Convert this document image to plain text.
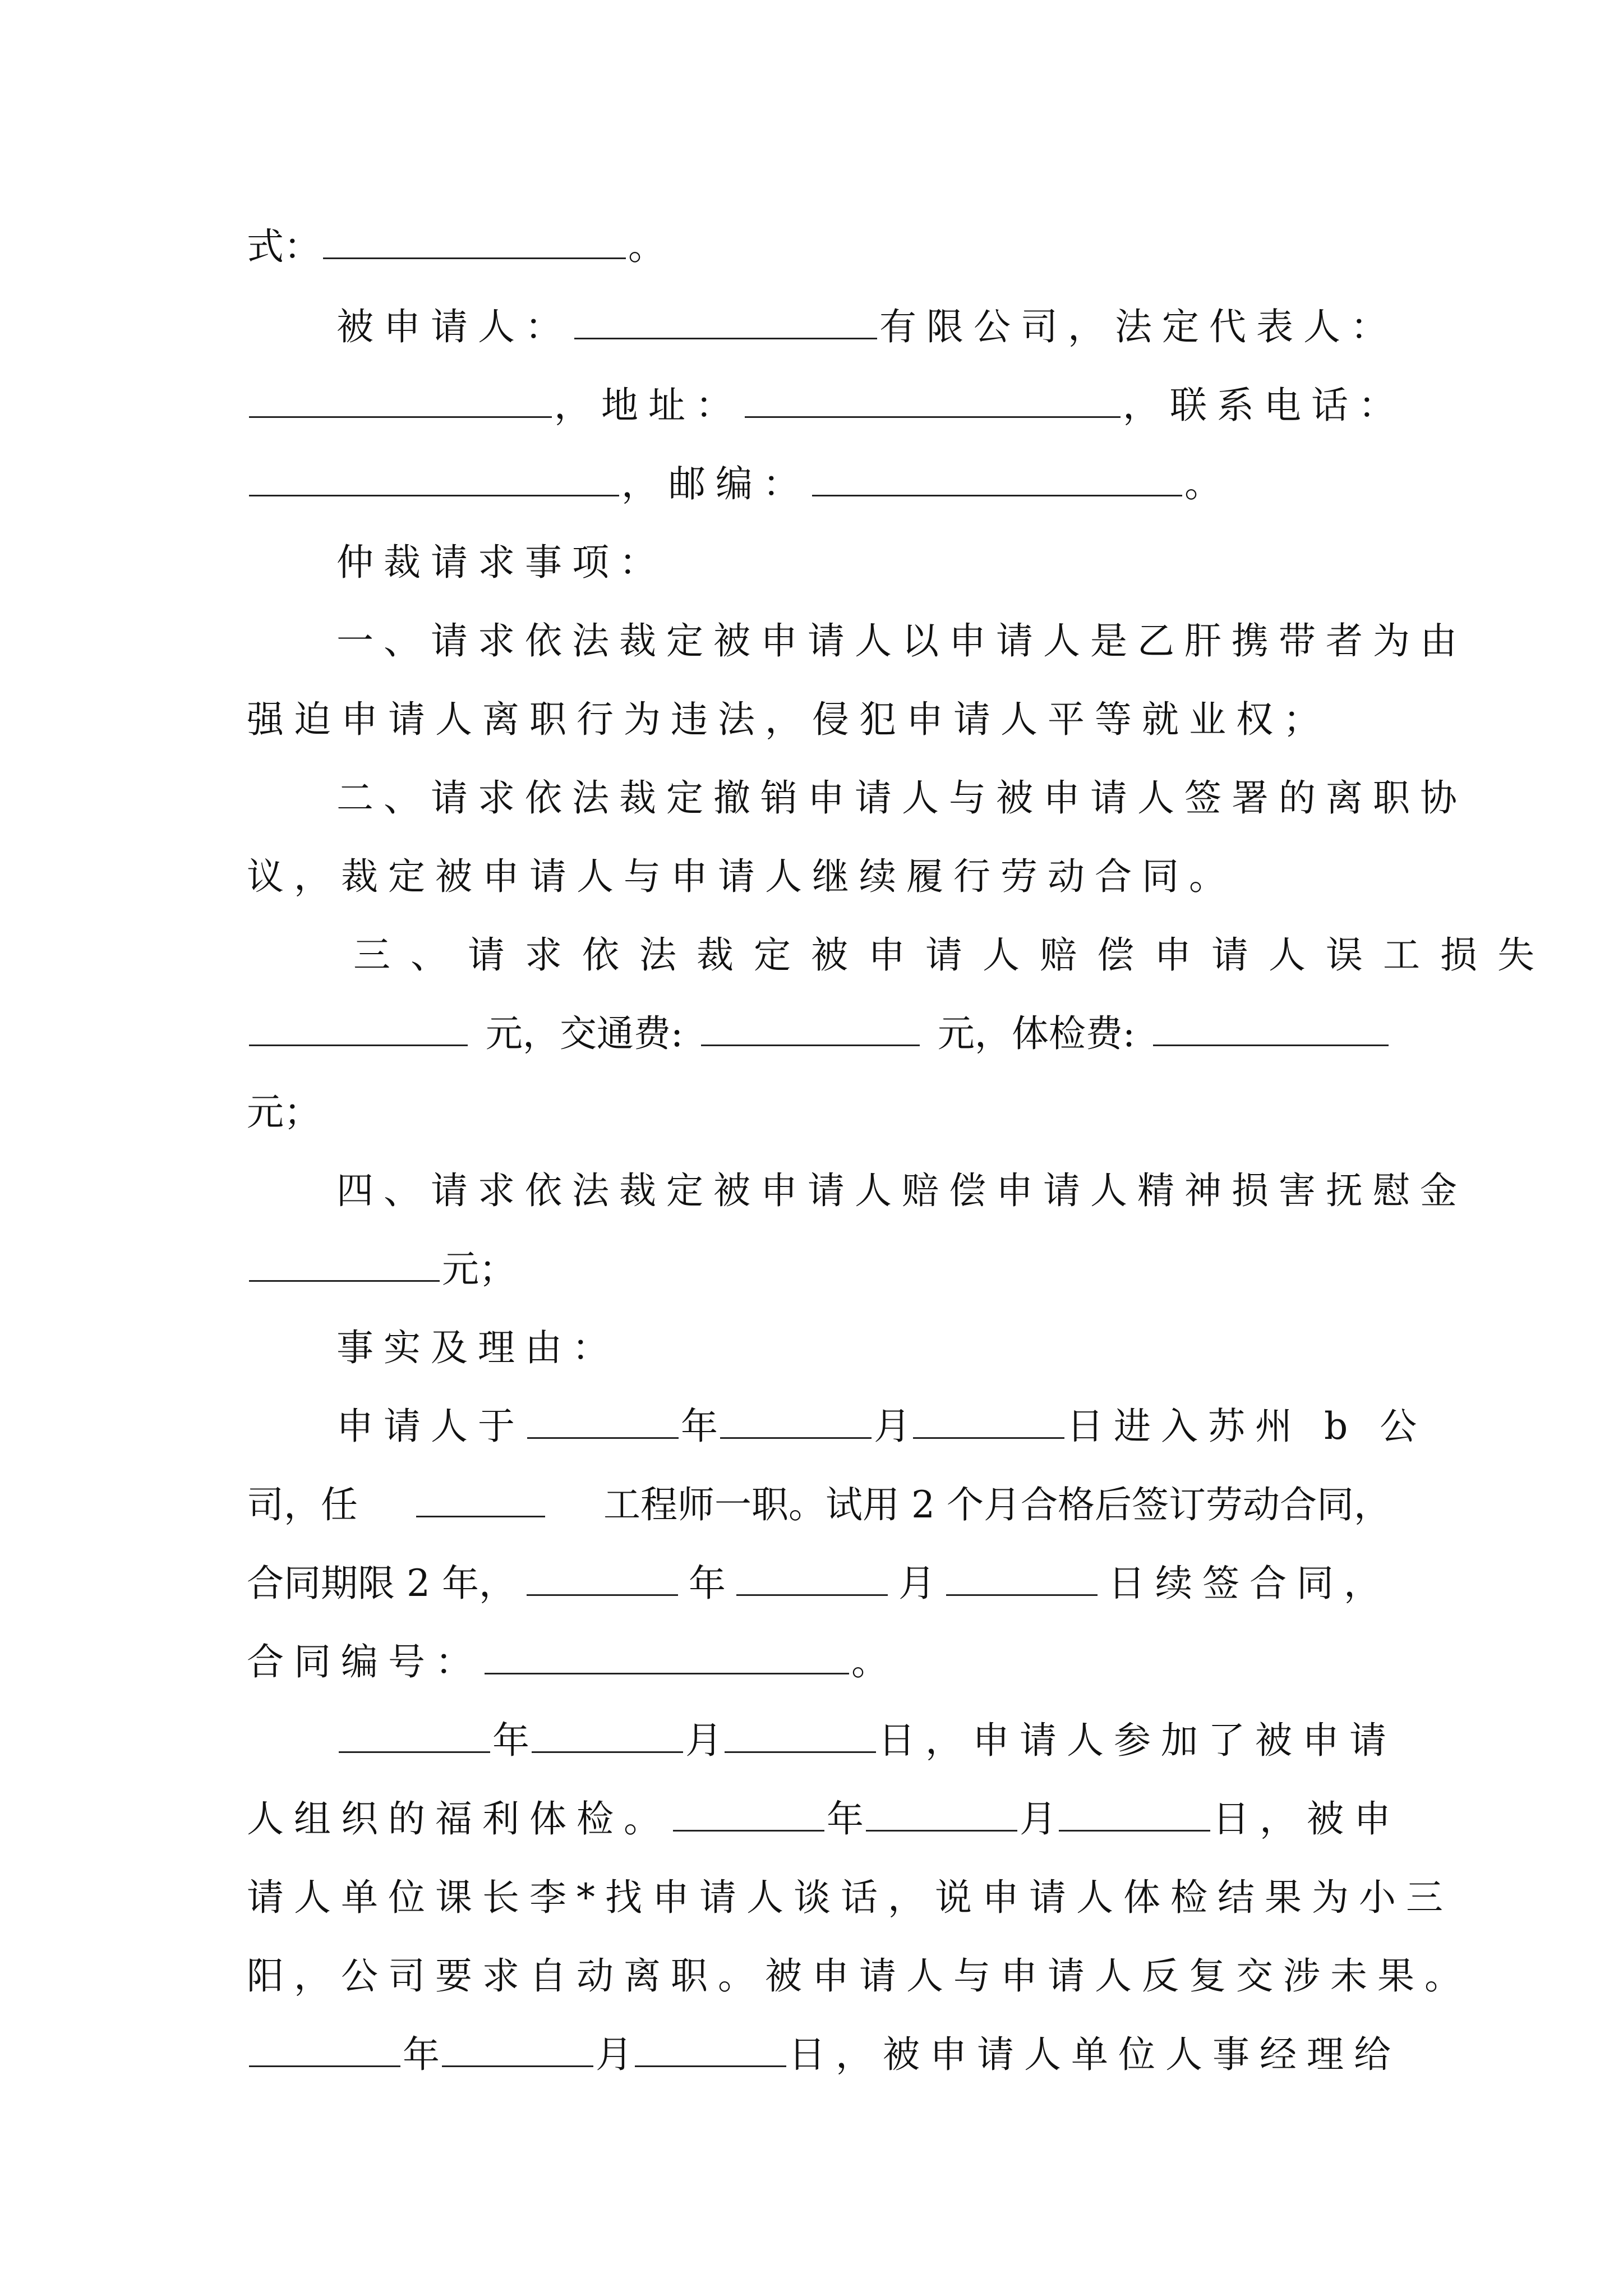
式：	。
被申请人：	有限公司，法定代表人：
，地址：	，联系电话：
，邮编：	。
仲裁请求事项：
一、请求依法裁定被申请人以申请人是乙肝携带者为由
强迫申请人离职行为违法，侵犯申请人平等就业权；
二、请求依法裁定撤销申请人与被申请人签署的离职协
议，裁定被申请人与申请人继续履行劳动合同。
三、请求依法裁定被申请人赔偿申请人误工损失
元，交通费:	元，体检费:
元；
四、请求依法裁定被申请人赔偿申请人精神损害抚慰金
元；
事实及理由：
申请人于	年	月	日进入苏州 b 公
司，任	工程师一职。试用 2 个月合格后签订劳动合同，
合同期限 2 年，	年	月	日续签合同，
合同编号：	。
年	月	日，申请人参加了被申请
人组织的福利体检。	年	月	日，被申
请人单位课长李*找申请人谈话，说申请人体检结果为小三
阳，公司要求自动离职。被申请人与申请人反复交涉未果。
年	月	日，被申请人单位人事经理给
